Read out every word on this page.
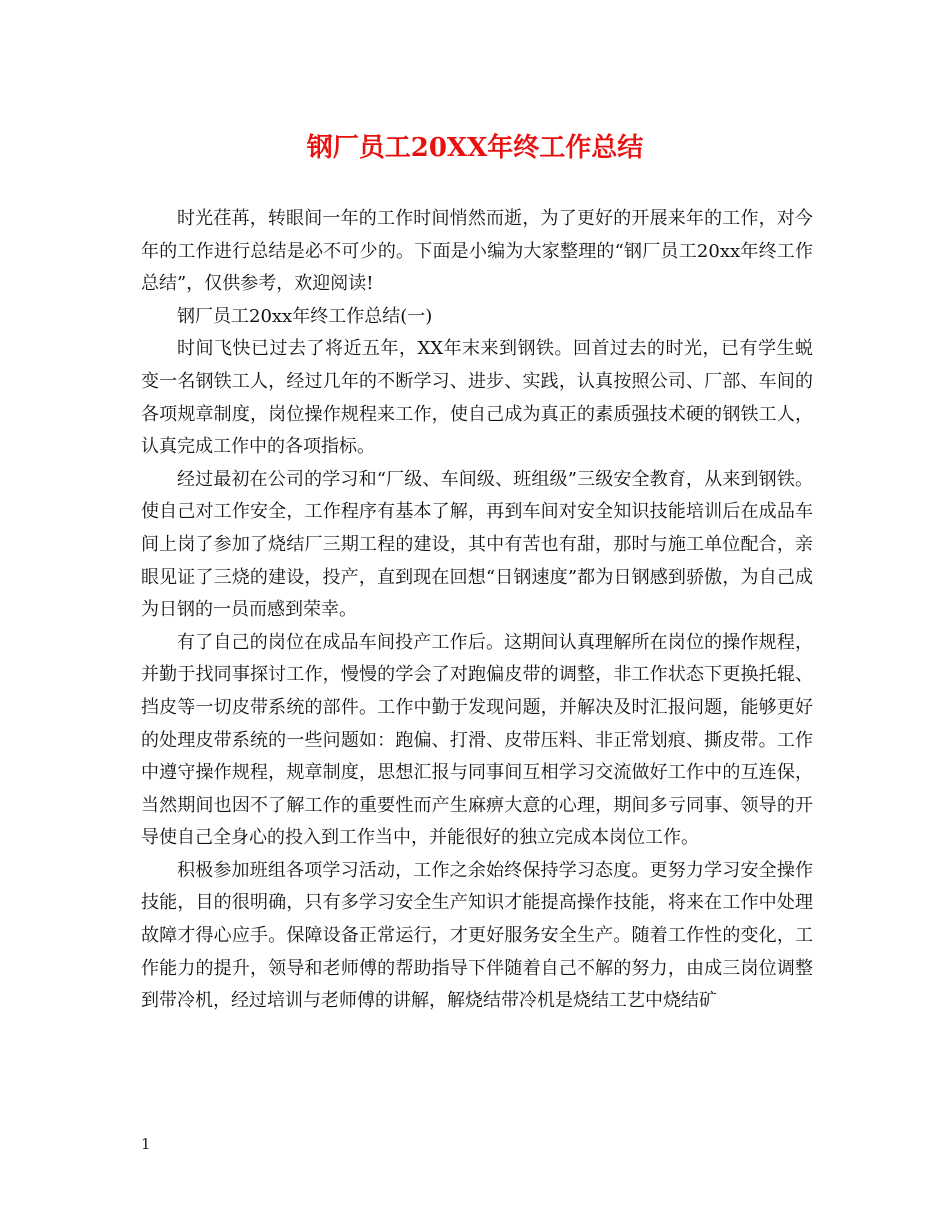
钢厂员工20XX年终工作总结

时光荏苒，转眼间一年的工作时间悄然而逝，为了更好的开展来年的工作，对今年的工作进行总结是必不可少的。下面是小编为大家整理的“钢厂员工20xx年终工作总结”，仅供参考，欢迎阅读!

钢厂员工20xx年终工作总结(一)

时间飞快已过去了将近五年，XX年末来到钢铁。回首过去的时光，已有学生蜕变一名钢铁工人，经过几年的不断学习、进步、实践，认真按照公司、厂部、车间的各项规章制度，岗位操作规程来工作，使自己成为真正的素质强技术硬的钢铁工人，认真完成工作中的各项指标。

经过最初在公司的学习和“厂级、车间级、班组级”三级安全教育，从来到钢铁。使自己对工作安全，工作程序有基本了解，再到车间对安全知识技能培训后在成品车间上岗了参加了烧结厂三期工程的建设，其中有苦也有甜，那时与施工单位配合，亲眼见证了三烧的建设，投产，直到现在回想“日钢速度”都为日钢感到骄傲，为自己成为日钢的一员而感到荣幸。

有了自己的岗位在成品车间投产工作后。这期间认真理解所在岗位的操作规程，并勤于找同事探讨工作，慢慢的学会了对跑偏皮带的调整，非工作状态下更换托辊、挡皮等一切皮带系统的部件。工作中勤于发现问题，并解决及时汇报问题，能够更好的处理皮带系统的一些问题如：跑偏、打滑、皮带压料、非正常划痕、撕皮带。工作中遵守操作规程，规章制度，思想汇报与同事间互相学习交流做好工作中的互连保，当然期间也因不了解工作的重要性而产生麻痹大意的心理，期间多亏同事、领导的开导使自己全身心的投入到工作当中，并能很好的独立完成本岗位工作。

积极参加班组各项学习活动，工作之余始终保持学习态度。更努力学习安全操作技能，目的很明确，只有多学习安全生产知识才能提高操作技能，将来在工作中处理故障才得心应手。保障设备正常运行，才更好服务安全生产。随着工作性的变化，工作能力的提升，领导和老师傅的帮助指导下伴随着自己不解的努力，由成三岗位调整到带冷机，经过培训与老师傅的讲解，解烧结带冷机是烧结工艺中烧结矿

1
